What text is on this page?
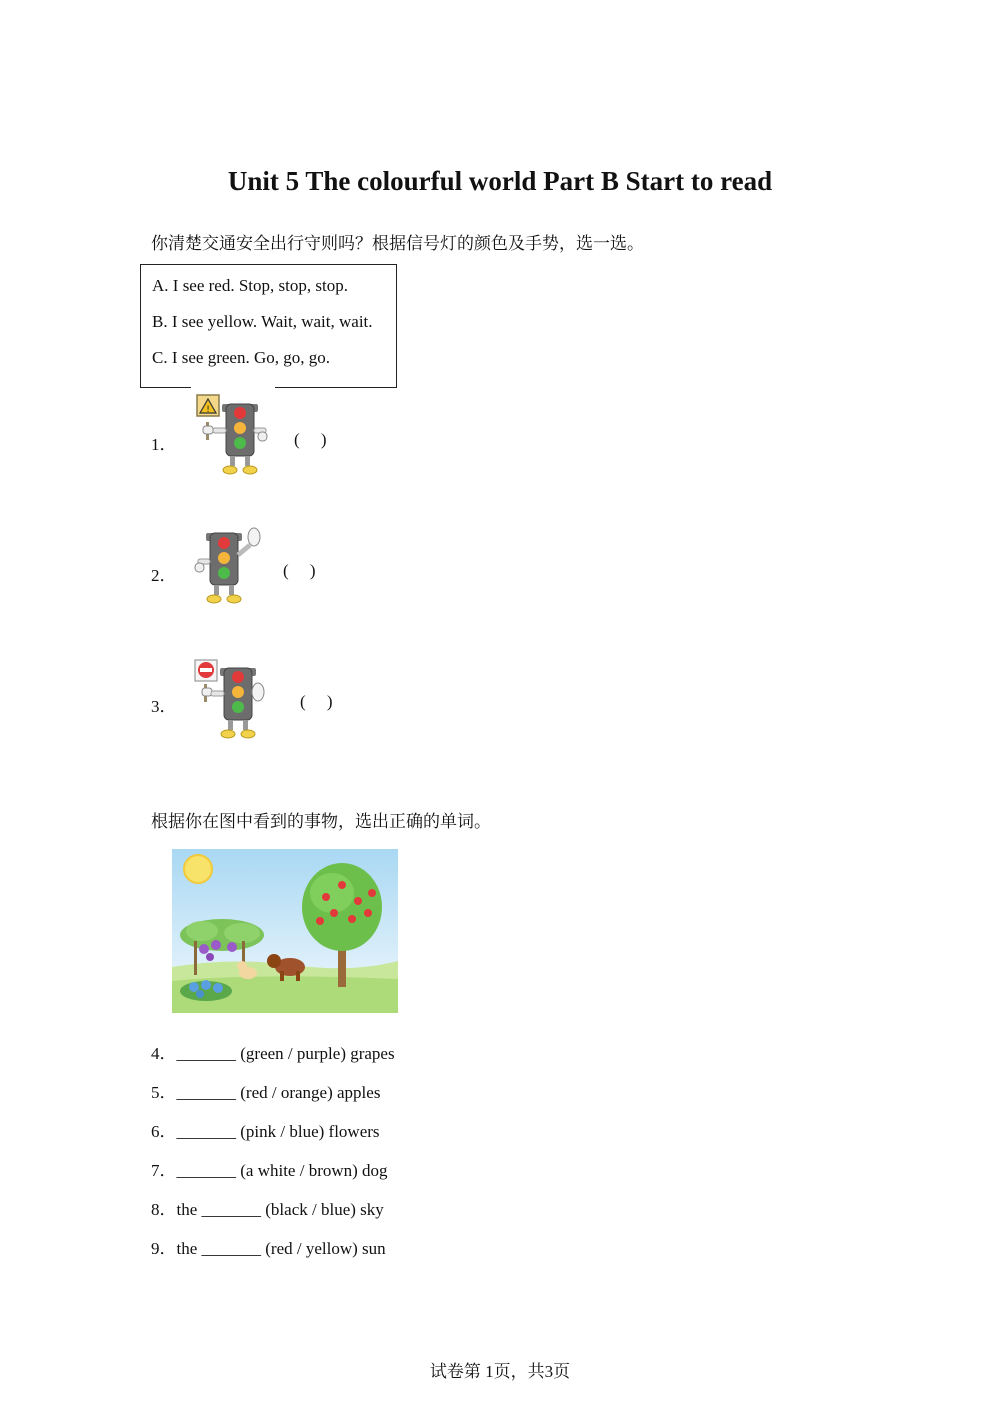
Unit 5 The colourful world Part B Start to read
你清楚交通安全出行守则吗？根据信号灯的颜色及手势，选一选。
A. I see red. Stop, stop, stop.
B. I see yellow. Wait, wait, wait.
C. I see green. Go, go, go.
1．
!
(     )
2．	(     )
3．	(     )
根据你在图中看到的事物，选出正确的单词。
4．_______ (green / purple) grapes
5．_______ (red / orange) apples
6．_______ (pink / blue) flowers
7．_______ (a white / brown) dog
8．the _______ (black / blue) sky
9．the _______ (red / yellow) sun
试卷第 1页，共3页
